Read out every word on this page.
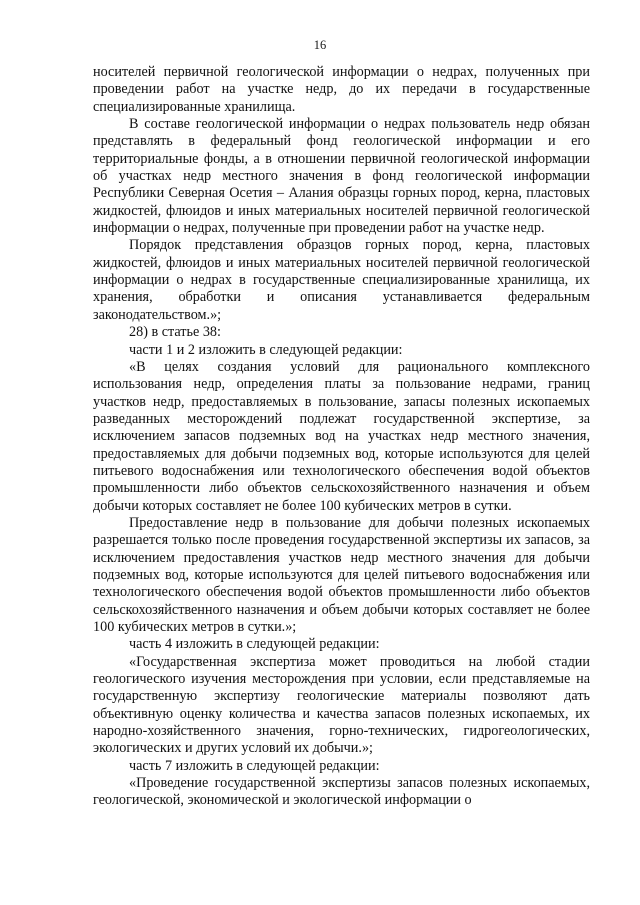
16

носителей первичной геологической информации о недрах, полученных при проведении работ на участке недр, до их передачи в государственные специализированные хранилища.

В составе геологической информации о недрах пользователь недр обязан представлять в федеральный фонд геологической информации и его территориальные фонды, а в отношении первичной геологической информации об участках недр местного значения в фонд геологической информации Республики Северная Осетия – Алания образцы горных пород, керна, пластовых жидкостей, флюидов и иных материальных носителей первичной геологической информации о недрах, полученные при проведении работ на участке недр.

Порядок представления образцов горных пород, керна, пластовых жидкостей, флюидов и иных материальных носителей первичной геологической информации о недрах в государственные специализированные хранилища, их хранения, обработки и описания устанавливается федеральным законодательством.»;

28) в статье 38:

части 1 и 2 изложить в следующей редакции:

«В целях создания условий для рационального комплексного использования недр, определения платы за пользование недрами, границ участков недр, предоставляемых в пользование, запасы полезных ископаемых разведанных месторождений подлежат государственной экспертизе, за исключением запасов подземных вод на участках недр местного значения, предоставляемых для добычи подземных вод, которые используются для целей питьевого водоснабжения или технологического обеспечения водой объектов промышленности либо объектов сельскохозяйственного назначения и объем добычи которых составляет не более 100 кубических метров в сутки.

Предоставление недр в пользование для добычи полезных ископаемых разрешается только после проведения государственной экспертизы их запасов, за исключением предоставления участков недр местного значения для добычи подземных вод, которые используются для целей питьевого водоснабжения или технологического обеспечения водой объектов промышленности либо объектов сельскохозяйственного назначения и объем добычи которых составляет не более 100 кубических метров в сутки.»;

часть 4 изложить в следующей редакции:

«Государственная экспертиза может проводиться на любой стадии геологического изучения месторождения при условии, если представляемые на государственную экспертизу геологические материалы позволяют дать объективную оценку количества и качества запасов полезных ископаемых, их народно-хозяйственного значения, горно-технических, гидрогеологических, экологических и других условий их добычи.»;

часть 7 изложить в следующей редакции:

«Проведение государственной экспертизы запасов полезных ископаемых, геологической, экономической и экологической информации о
